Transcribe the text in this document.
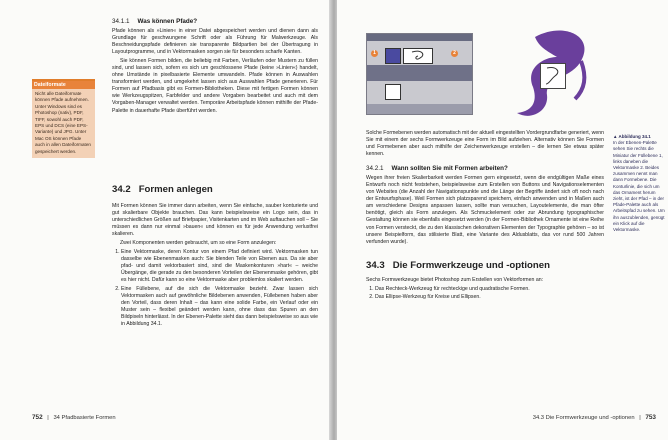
34.1.1 Was können Pfade?

Pfade können als »Linien« in einer Datei abgespeichert werden und dienen dann als Grundlage für geschwungene Schrift oder als Führung für Malwerkzeuge. Als Beschneidungspfade definieren sie transparente Bildpartien bei der Übertragung in Layoutprogramme, und in Vektormasken sorgen sie für besonders scharfe Kanten.

Sie können Formen bilden, die beliebig mit Farben, Verläufen oder Mustern zu füllen sind, und lassen sich, sofern es sich um geschlossene Pfade (keine »Linien«) handelt, ohne Umstände in pixelbasierte Elemente umwandeln. Pfade können in Auswahlen transformiert werden, und umgekehrt lassen sich aus Auswahlen Pfade generieren. Für Formen auf Pfadbasis gibt es Formen-Bibliotheken. Diese mit fertigen Formen können wie Werkzeugspitzen, Farbfelder und andere Vorgaben bearbeitet und auch mit dem Vorgaben-Manager verwaltet werden. Temporäre Arbeitspfade können mithilfe der Pfade-Palette in dauerhafte Pfade überführt werden.

Dateiformate
Nicht alle Dateiformate können Pfade aufnehmen. Unter Windows sind es Photoshop (nativ), PDF, TIFF, sowohl auch PDF, EPS und DCS (eine EPS-Variante) und JPG. Unter Mac OS können Pfade auch in allen Dateiformaten gespeichert werden.

34.2 Formen anlegen

Mit Formen können Sie immer dann arbeiten, wenn Sie einfache, sauber konturierte und gut skalierbare Objekte brauchen. Das kann beispielsweise ein Logo sein, das in unterschiedlichen Größen auf Briefpapier, Visitenkarten und im Web auftauchen soll – Sie müssen es dann nur einmal »bauen« und können es für jede Anwendung verlustfrei skalieren.

Zwei Komponenten werden gebraucht, um so eine Form anzulegen:

1. Eine Vektormaske, deren Kontur von einem Pfad definiert wird. Vektormasken tun dasselbe wie Ebenenmasken auch: Sie blenden Teile von Ebenen aus. Da sie aber pfad- und damit vektorbasiert sind, sind die Maskenkonturen »hart« – weiche Übergänge, die gerade zu den besonderen Vorteilen der Ebenenmaske gehören, gibt es hier nicht. Dafür kann so eine Vektormaske aber problemlos skaliert werden.
2. Eine Füllebene, auf die sich die Vektormaske bezieht. Zwar lassen sich Vektormasken auch auf gewöhnliche Bildebenen anwenden, Füllebenen haben aber den Vorteil, dass deren Inhalt – das kann eine solide Farbe, ein Verlauf oder ein Muster sein – flexibel geändert werden kann, ohne dass das Spuren an den Bildpixeln hinterlässt. In der Ebenen-Palette sieht das dann beispielsweise so aus wie in Abbildung 34.1.
752 | 34 Pfadbasierte Formen
1	2
▲ Abbildung 34.1
In der Ebenen-Palette sehen Sie rechts die Miniatur der Füllebene 1, links daneben die Vektormaske 2. Beides zusammen nennt man dann Formebene. Die Konturlinie, die sich um das Ornament herum zieht, ist der Pfad – in der Pfade-Palette auch als Arbeitspfad zu sehen. Um ihn auszublenden, genügt ein Klick auf die Vektormaske.

Solche Formebenen werden automatisch mit der aktuell eingestellten Vordergrundfarbe generiert, wenn Sie mit einem der sechs Formwerkzeuge eine Form im Bild aufziehen. Alternativ können Sie Formen und Formebenen aber auch mithilfe der Zeichenwerkzeuge erstellen – die lernen Sie etwas später kennen.

34.2.1 Wann sollten Sie mit Formen arbeiten?

Wegen ihrer freien Skalierbarkeit werden Formen gern eingesetzt, wenn die endgültigen Maße eines Entwurfs noch nicht feststehen, beispielsweise zum Erstellen von Buttons und Navigationselementen von Websites (die Anzahl der Navigationspunkte und die Länge der Begriffe ändert sich oft noch nach der Entwurfsphase). Weil Formen sich platzsparend speichern, einfach anwenden und in Maßen auch am verschiedene Designs anpassen lassen, sollte man versuchen, Layoutelemente, die man öfter benötigt, gleich als Form anzulegen. Als Schmuckelement oder zur Abrundung typographischer Gestaltung können sie ebenfalls eingesetzt werden (in der Formen-Bibliothek Ornamente ist eine Reihe von Formen versteckt, die zu den klassischen dekorativen Elementen der Typographie gehören – so ist unsere Beispielform, das stilisierte Blatt, eine Variante des Aldusblatts, das vor rund 500 Jahren verfunden wurde).

34.3 Die Formwerkzeuge und -optionen

Sechs Formwerkzeuge bietet Photoshop zum Erstellen von Vektorformen an:

1. Das Rechteck-Werkzeug für rechteckige und quadratische Formen.
2. Das Ellipse-Werkzeug für Kreise und Ellipsen.
34.3 Die Formwerkzeuge und -optionen | 753
